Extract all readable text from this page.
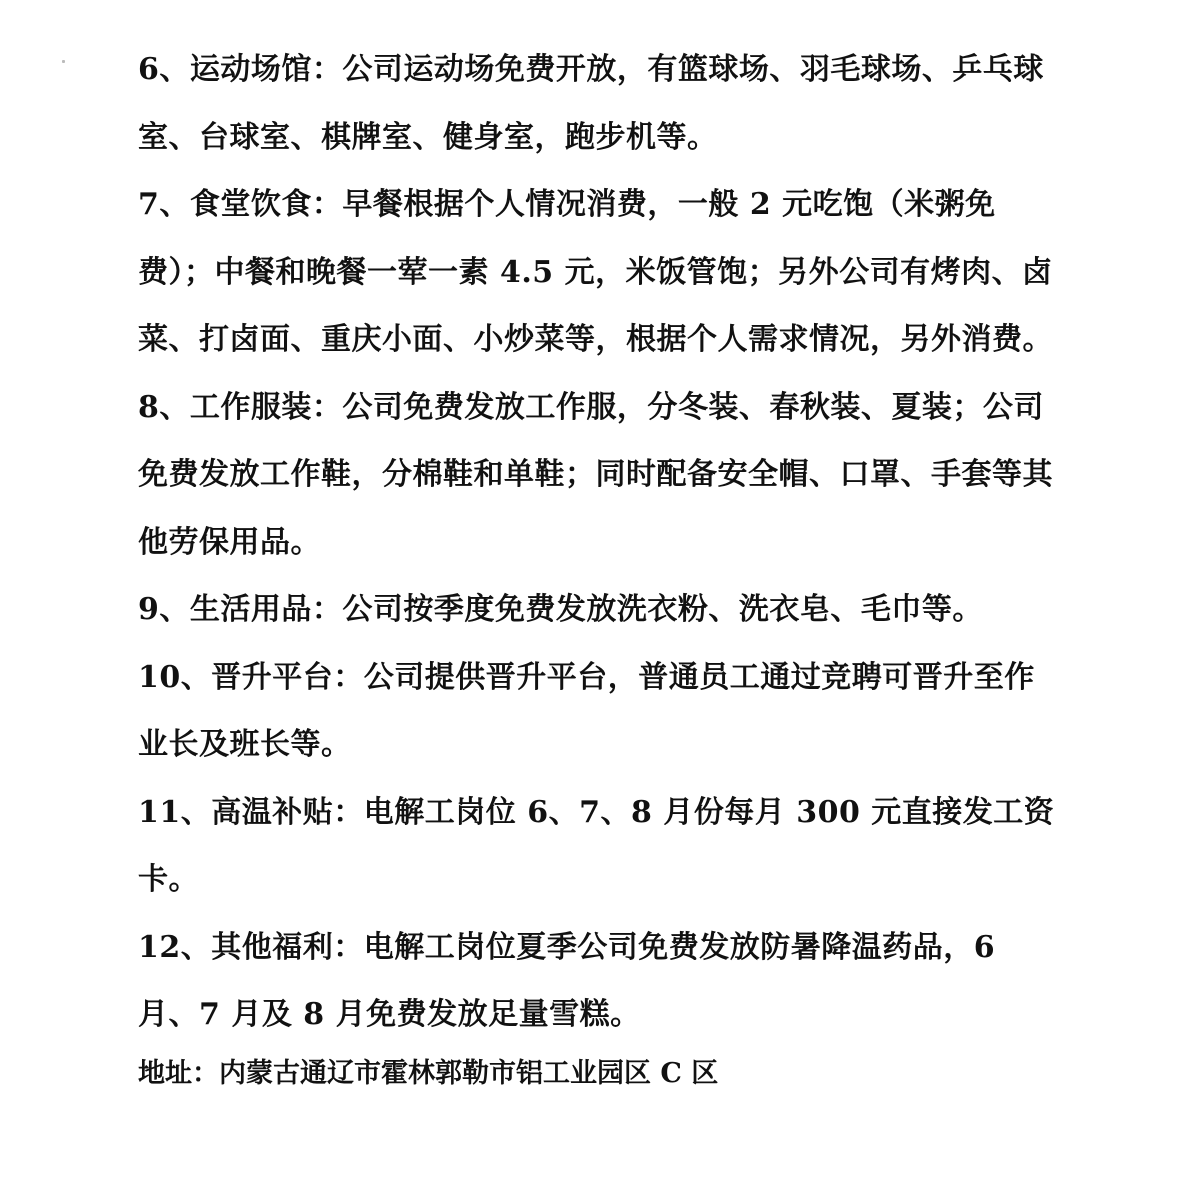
6、运动场馆：公司运动场免费开放，有篮球场、羽毛球场、乒乓球室、台球室、棋牌室、健身室，跑步机等。

7、食堂饮食：早餐根据个人情况消费，一般 2 元吃饱（米粥免费）；中餐和晚餐一荤一素 4.5 元，米饭管饱；另外公司有烤肉、卤菜、打卤面、重庆小面、小炒菜等，根据个人需求情况，另外消费。

8、工作服装：公司免费发放工作服，分冬装、春秋装、夏装；公司免费发放工作鞋，分棉鞋和单鞋；同时配备安全帽、口罩、手套等其他劳保用品。

9、生活用品：公司按季度免费发放洗衣粉、洗衣皂、毛巾等。

10、晋升平台：公司提供晋升平台，普通员工通过竞聘可晋升至作业长及班长等。

11、高温补贴：电解工岗位 6、7、8 月份每月 300 元直接发工资卡。

12、其他福利：电解工岗位夏季公司免费发放防暑降温药品，6 月、7 月及 8 月免费发放足量雪糕。

地址：内蒙古通辽市霍林郭勒市铝工业园区 C 区
